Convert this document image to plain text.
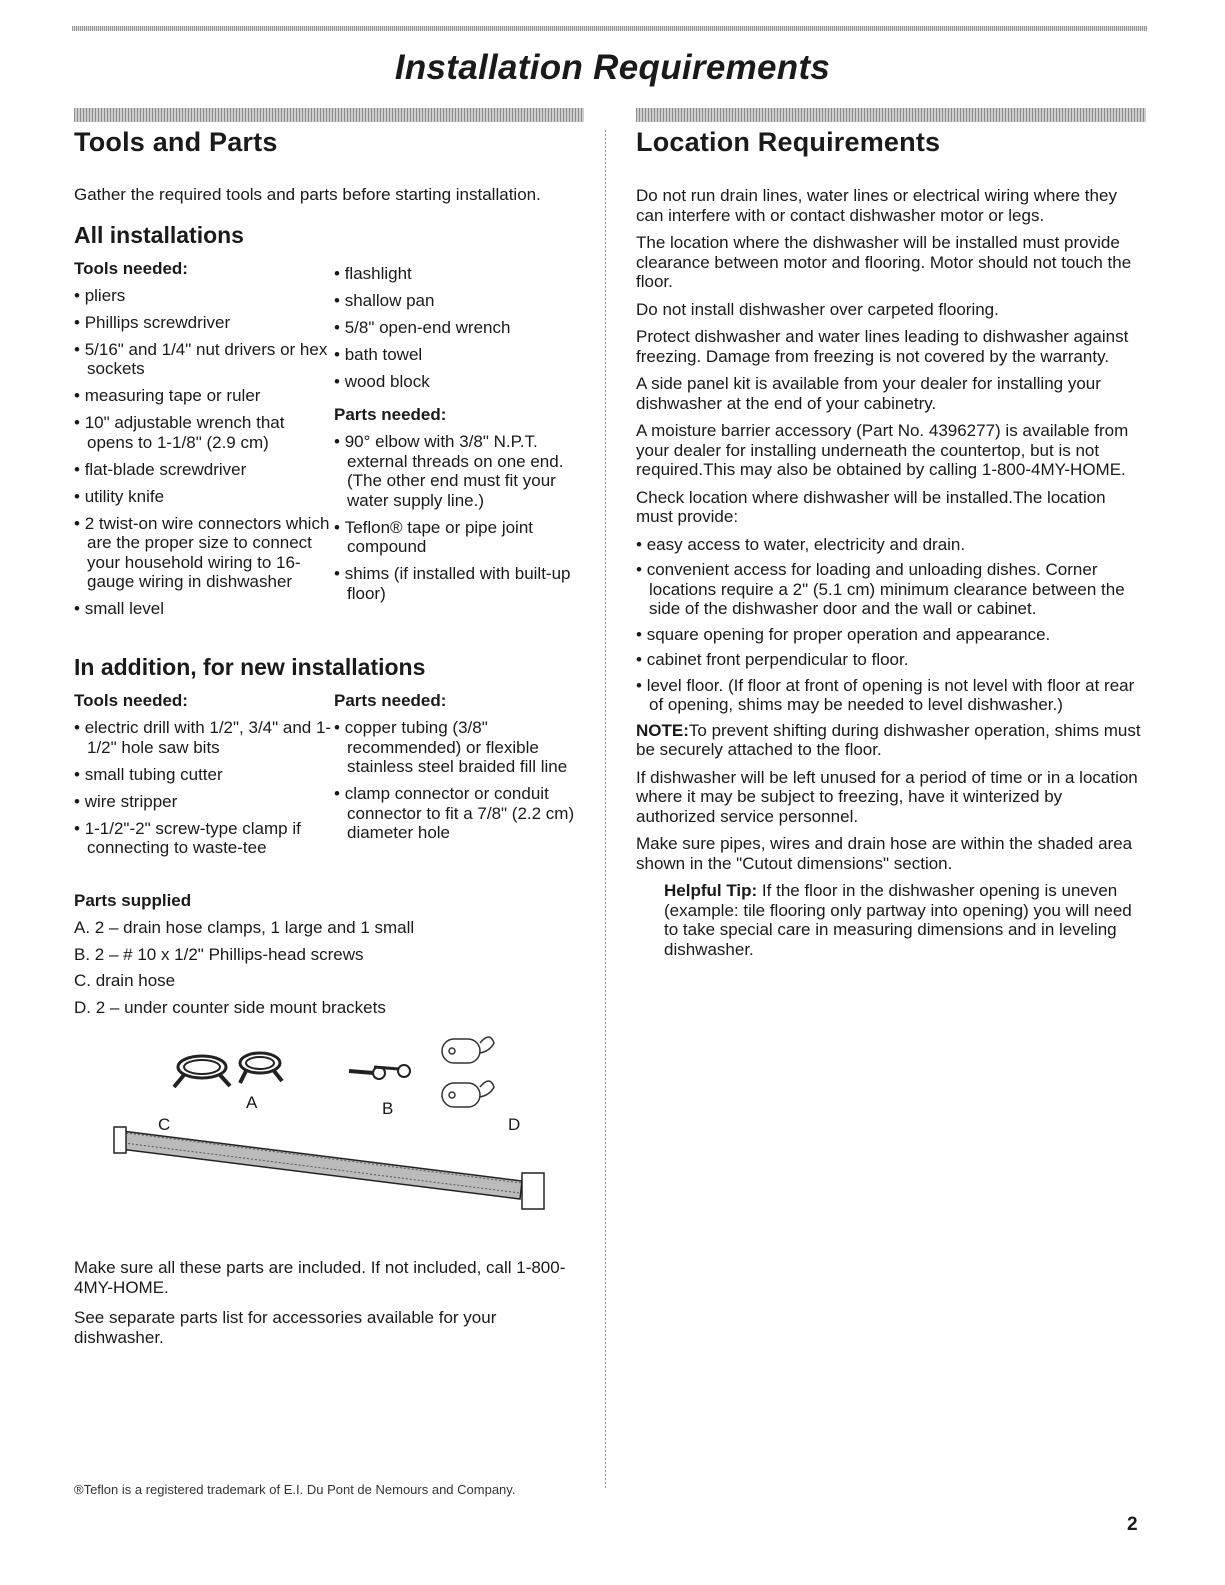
Installation Requirements
Tools and Parts

Gather the required tools and parts before starting installation.

All installations
Tools needed:
• pliers
• Phillips screwdriver
• 5/16" and 1/4" nut drivers or hex sockets
• measuring tape or ruler
• 10" adjustable wrench that opens to 1-1/8" (2.9 cm)
• flat-blade screwdriver
• utility knife
• 2 twist-on wire connectors which are the proper size to connect your household wiring to 16-gauge wiring in dishwasher
• small level
• flashlight
• shallow pan
• 5/8" open-end wrench
• bath towel
• wood block
Parts needed:
• 90° elbow with 3/8" N.P.T. external threads on one end. (The other end must fit your water supply line.)
• Teflon® tape or pipe joint compound
• shims (if installed with built-up floor)
In addition, for new installations
Tools needed:
• electric drill with 1/2", 3/4" and 1-1/2" hole saw bits
• small tubing cutter
• wire stripper
• 1-1/2"-2" screw-type clamp if connecting to waste-tee
Parts needed:
• copper tubing (3/8" recommended) or flexible stainless steel braided fill line
• clamp connector or conduit connector to fit a 7/8" (2.2 cm) diameter hole
Parts supplied

A. 2 – drain hose clamps, 1 large and 1 small

B. 2 – # 10 x 1/2" Phillips-head screws

C. drain hose

D. 2 – under counter side mount brackets

A	B
C	D

Make sure all these parts are included. If not included, call 1-800-4MY-HOME.

See separate parts list for accessories available for your dishwasher.

Location Requirements

Do not run drain lines, water lines or electrical wiring where they can interfere with or contact dishwasher motor or legs.

The location where the dishwasher will be installed must provide clearance between motor and flooring. Motor should not touch the floor.

Do not install dishwasher over carpeted flooring.

Protect dishwasher and water lines leading to dishwasher against freezing. Damage from freezing is not covered by the warranty.

A side panel kit is available from your dealer for installing your dishwasher at the end of your cabinetry.

A moisture barrier accessory (Part No. 4396277) is available from your dealer for installing underneath the countertop, but is not required.This may also be obtained by calling 1-800-4MY-HOME.

Check location where dishwasher will be installed.The location must provide:

• easy access to water, electricity and drain.
• convenient access for loading and unloading dishes. Corner locations require a 2" (5.1 cm) minimum clearance between the side of the dishwasher door and the wall or cabinet.
• square opening for proper operation and appearance.
• cabinet front perpendicular to floor.
• level floor. (If floor at front of opening is not level with floor at rear of opening, shims may be needed to level dishwasher.)

NOTE:To prevent shifting during dishwasher operation, shims must be securely attached to the floor.

If dishwasher will be left unused for a period of time or in a location where it may be subject to freezing, have it winterized by authorized service personnel.

Make sure pipes, wires and drain hose are within the shaded area shown in the "Cutout dimensions" section.

Helpful Tip: If the floor in the dishwasher opening is uneven (example: tile flooring only partway into opening) you will need to take special care in measuring dimensions and in leveling dishwasher.

®Teflon is a registered trademark of E.I. Du Pont de Nemours and Company.
2
